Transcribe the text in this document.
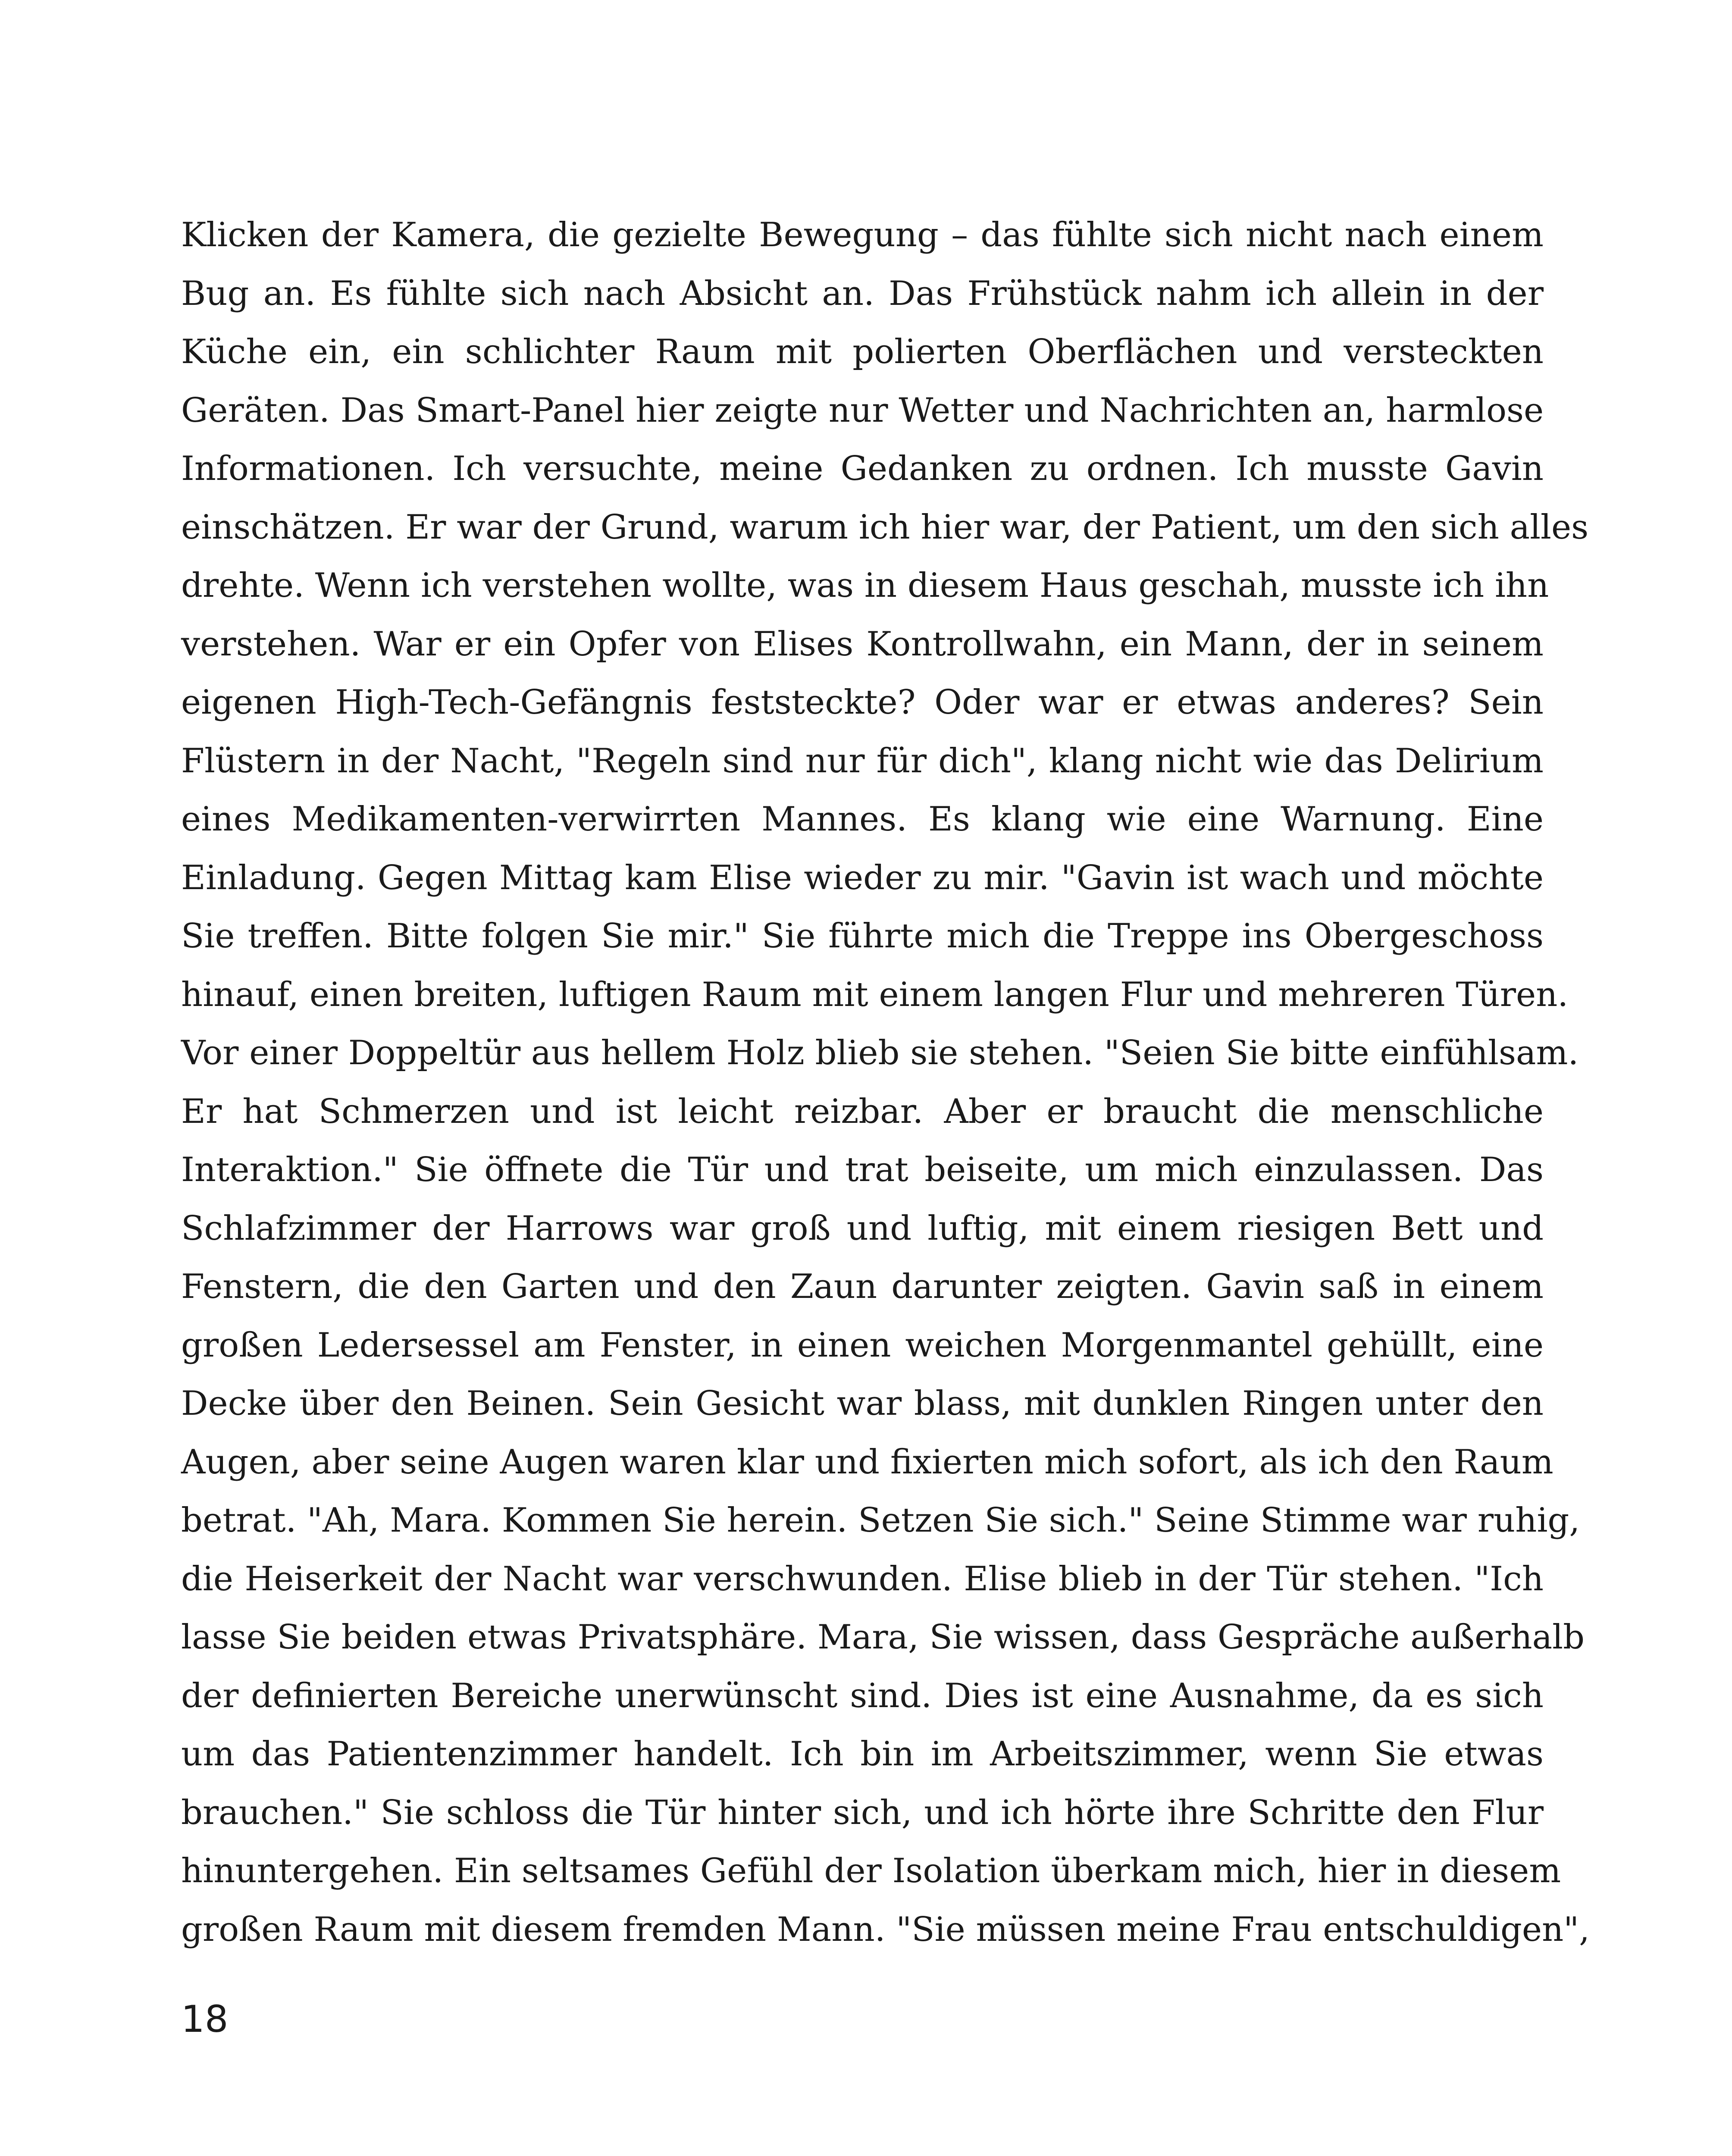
Klicken der Kamera, die gezielte Bewegung – das fühlte sich nicht nach einem
Bug an. Es fühlte sich nach Absicht an. Das Frühstück nahm ich allein in der
Küche ein, ein schlichter Raum mit polierten Oberflächen und versteckten
Geräten. Das Smart-Panel hier zeigte nur Wetter und Nachrichten an, harmlose
Informationen. Ich versuchte, meine Gedanken zu ordnen. Ich musste Gavin
einschätzen. Er war der Grund, warum ich hier war, der Patient, um den sich alles
drehte. Wenn ich verstehen wollte, was in diesem Haus geschah, musste ich ihn
verstehen. War er ein Opfer von Elises Kontrollwahn, ein Mann, der in seinem
eigenen High-Tech-Gefängnis feststeckte? Oder war er etwas anderes? Sein
Flüstern in der Nacht, "Regeln sind nur für dich", klang nicht wie das Delirium
eines Medikamenten-verwirrten Mannes. Es klang wie eine Warnung. Eine
Einladung. Gegen Mittag kam Elise wieder zu mir. "Gavin ist wach und möchte
Sie treffen. Bitte folgen Sie mir." Sie führte mich die Treppe ins Obergeschoss
hinauf, einen breiten, luftigen Raum mit einem langen Flur und mehreren Türen.
Vor einer Doppeltür aus hellem Holz blieb sie stehen. "Seien Sie bitte einfühlsam.
Er hat Schmerzen und ist leicht reizbar. Aber er braucht die menschliche
Interaktion." Sie öffnete die Tür und trat beiseite, um mich einzulassen. Das
Schlafzimmer der Harrows war groß und luftig, mit einem riesigen Bett und
Fenstern, die den Garten und den Zaun darunter zeigten. Gavin saß in einem
großen Ledersessel am Fenster, in einen weichen Morgenmantel gehüllt, eine
Decke über den Beinen. Sein Gesicht war blass, mit dunklen Ringen unter den
Augen, aber seine Augen waren klar und fixierten mich sofort, als ich den Raum
betrat. "Ah, Mara. Kommen Sie herein. Setzen Sie sich." Seine Stimme war ruhig,
die Heiserkeit der Nacht war verschwunden. Elise blieb in der Tür stehen. "Ich
lasse Sie beiden etwas Privatsphäre. Mara, Sie wissen, dass Gespräche außerhalb
der definierten Bereiche unerwünscht sind. Dies ist eine Ausnahme, da es sich
um das Patientenzimmer handelt. Ich bin im Arbeitszimmer, wenn Sie etwas
brauchen." Sie schloss die Tür hinter sich, und ich hörte ihre Schritte den Flur
hinuntergehen. Ein seltsames Gefühl der Isolation überkam mich, hier in diesem
großen Raum mit diesem fremden Mann. "Sie müssen meine Frau entschuldigen",
18
